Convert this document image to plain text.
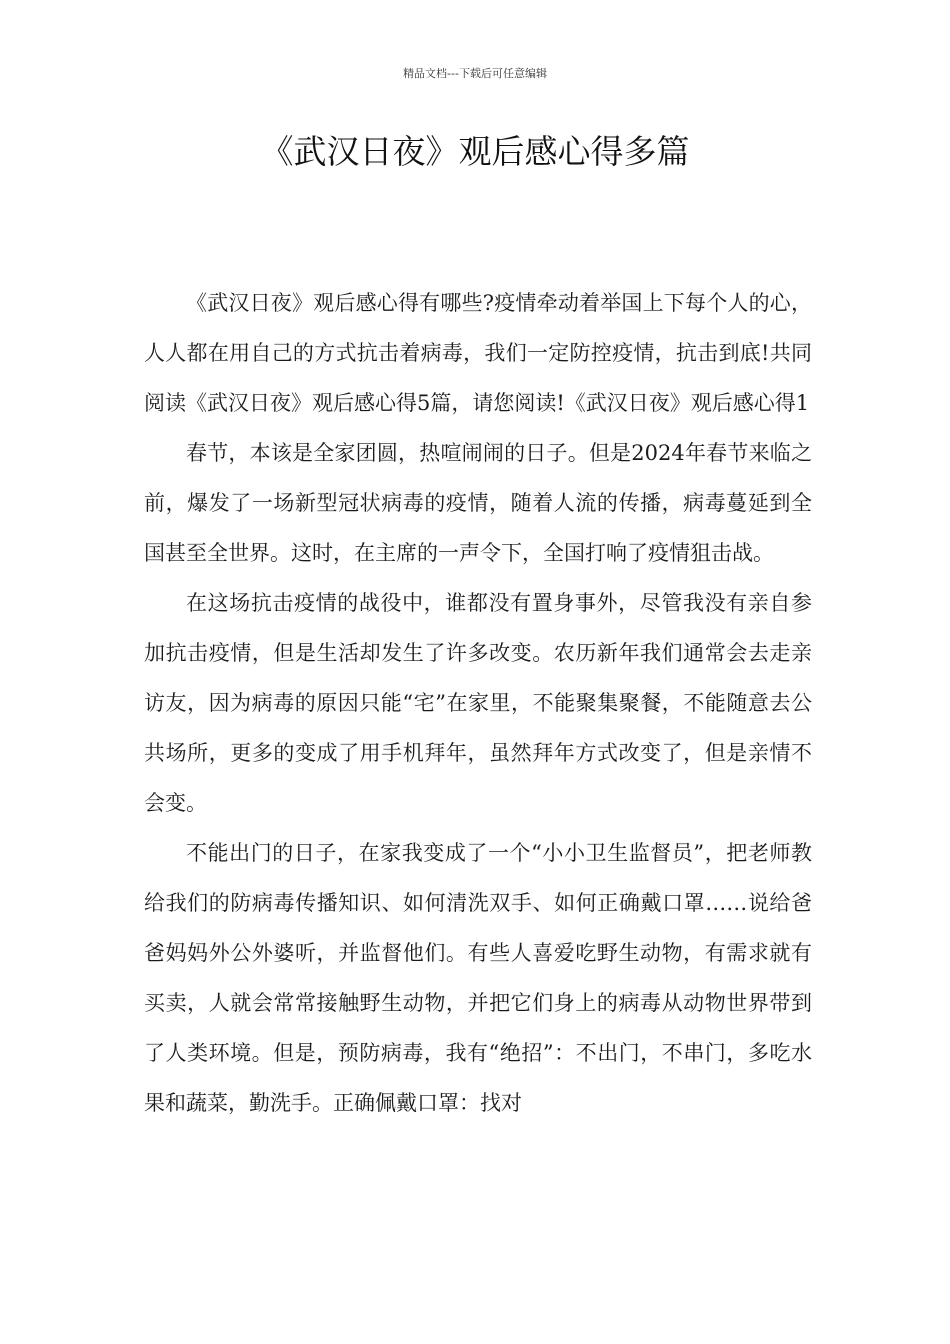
精品文档---下载后可任意编辑
《武汉日夜》观后感心得多篇

《武汉日夜》观后感心得有哪些?疫情牵动着举国上下每个人的心，人人都在用自己的方式抗击着病毒，我们一定防控疫情，抗击到底!共同阅读《武汉日夜》观后感心得5篇，请您阅读!《武汉日夜》观后感心得1

春节，本该是全家团圆，热喧闹闹的日子。但是2024年春节来临之前，爆发了一场新型冠状病毒的疫情，随着人流的传播，病毒蔓延到全国甚至全世界。这时，在主席的一声令下，全国打响了疫情狙击战。

在这场抗击疫情的战役中，谁都没有置身事外，尽管我没有亲自参加抗击疫情，但是生活却发生了许多改变。农历新年我们通常会去走亲访友，因为病毒的原因只能“宅”在家里，不能聚集聚餐，不能随意去公共场所，更多的变成了用手机拜年，虽然拜年方式改变了，但是亲情不会变。

不能出门的日子，在家我变成了一个“小小卫生监督员”，把老师教给我们的防病毒传播知识、如何清洗双手、如何正确戴口罩……说给爸爸妈妈外公外婆听，并监督他们。有些人喜爱吃野生动物，有需求就有买卖，人就会常常接触野生动物，并把它们身上的病毒从动物世界带到了人类环境。但是，预防病毒，我有“绝招”：不出门，不串门，多吃水果和蔬菜，勤洗手。正确佩戴口罩：找对
